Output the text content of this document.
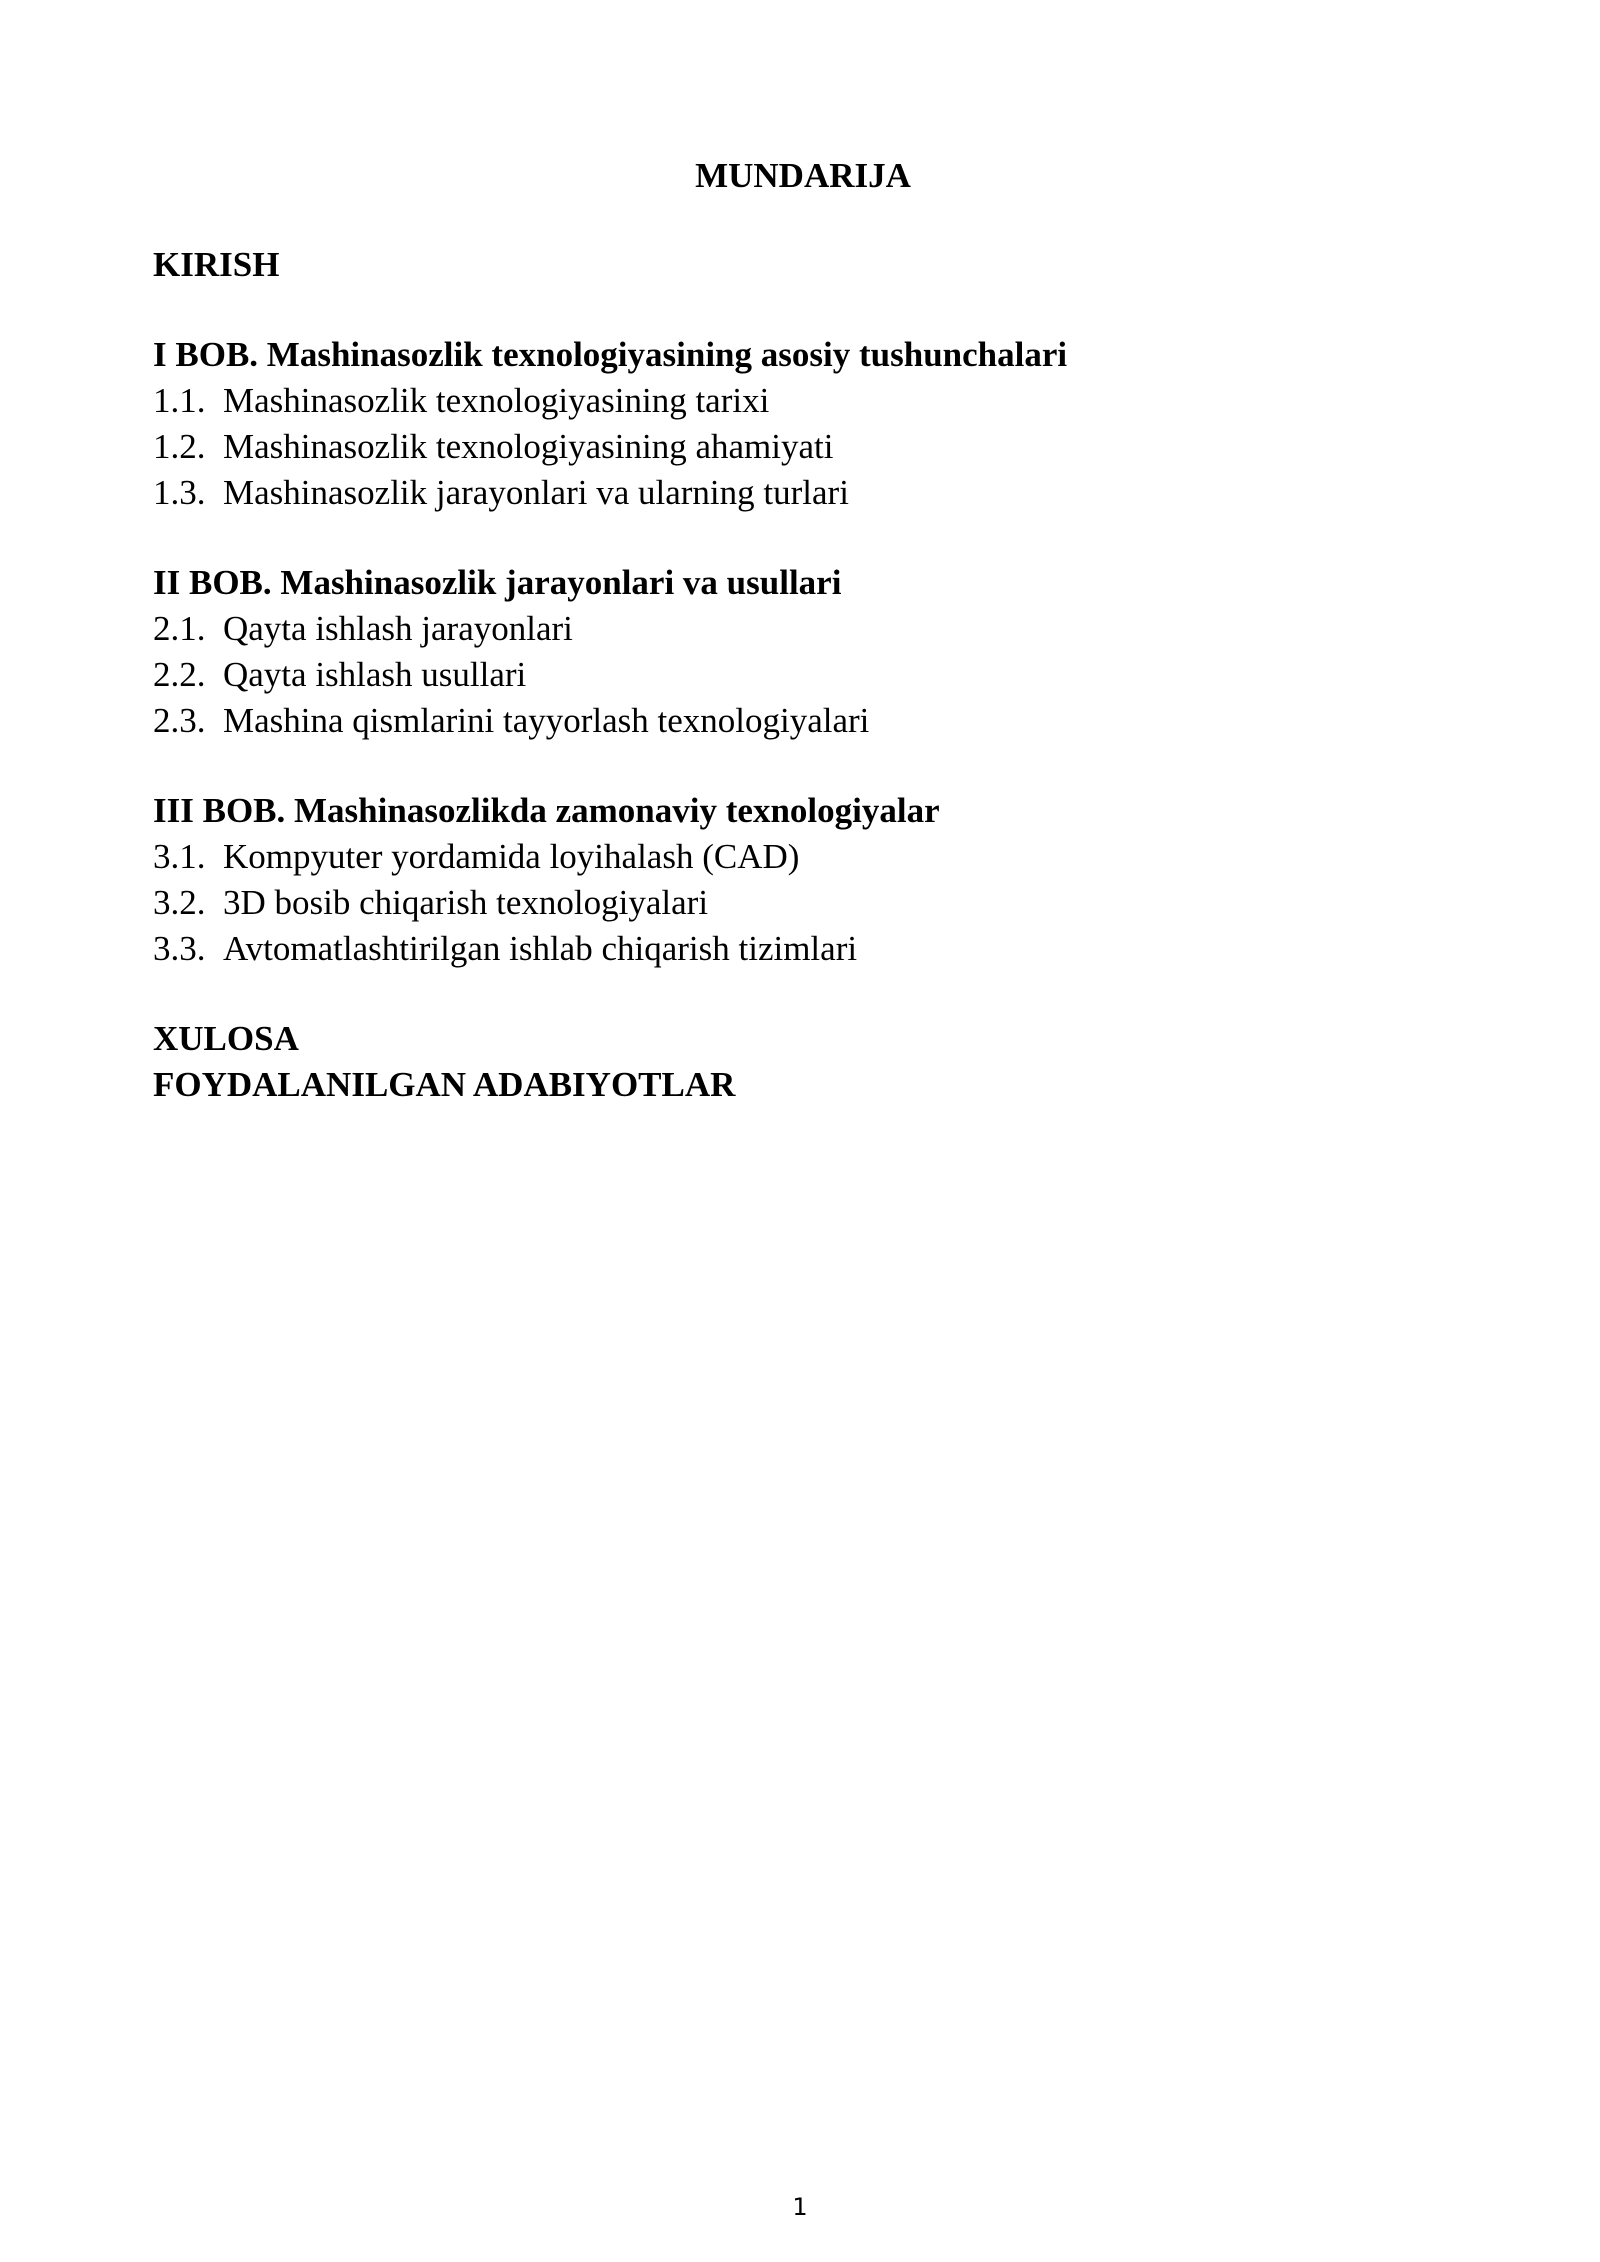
MUNDARIJA
KIRISH
I BOB. Mashinasozlik texnologiyasining asosiy tushunchalari
1.1. Mashinasozlik texnologiyasining tarixi
1.2. Mashinasozlik texnologiyasining ahamiyati
1.3. Mashinasozlik jarayonlari va ularning turlari
II BOB. Mashinasozlik jarayonlari va usullari
2.1. Qayta ishlash jarayonlari
2.2. Qayta ishlash usullari
2.3. Mashina qismlarini tayyorlash texnologiyalari
III BOB. Mashinasozlikda zamonaviy texnologiyalar
3.1. Kompyuter yordamida loyihalash (CAD)
3.2. 3D bosib chiqarish texnologiyalari
3.3. Avtomatlashtirilgan ishlab chiqarish tizimlari
XULOSA
FOYDALANILGAN ADABIYOTLAR
1
